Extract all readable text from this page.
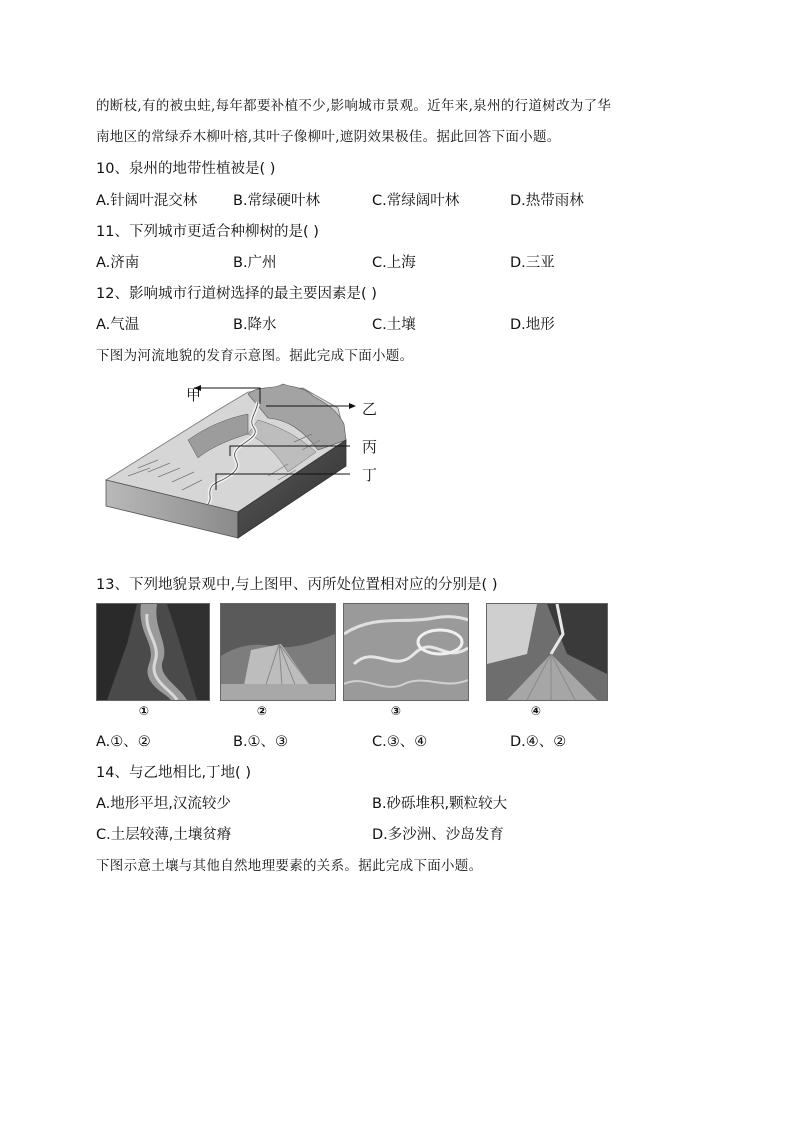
的断枝,有的被虫蛀,每年都要补植不少,影响城市景观。近年来,泉州的行道树改为了华
南地区的常绿乔木柳叶榕,其叶子像柳叶,遮阴效果极佳。据此回答下面小题。
10、泉州的地带性植被是( )
A.针阔叶混交林 B.常绿硬叶林	C.常绿阔叶林	D.热带雨林
11、下列城市更适合种柳树的是( )
A.济南	B.广州	C.上海	D.三亚
12、影响城市行道树选择的最主要因素是( )
A.气温	B.降水	C.土壤	D.地形
下图为河流地貌的发育示意图。据此完成下面小题。
甲
乙
丙
丁
13、下列地貌景观中,与上图甲、丙所处位置相对应的分别是( )
①	②	③	④
A.①、②	B.①、③	C.③、④	D.④、②
14、与乙地相比,丁地( )
A.地形平坦,汉流较少	B.砂砾堆积,颗粒较大
C.土层较薄,土壤贫瘠	D.多沙洲、沙岛发育
下图示意土壤与其他自然地理要素的关系。据此完成下面小题。
